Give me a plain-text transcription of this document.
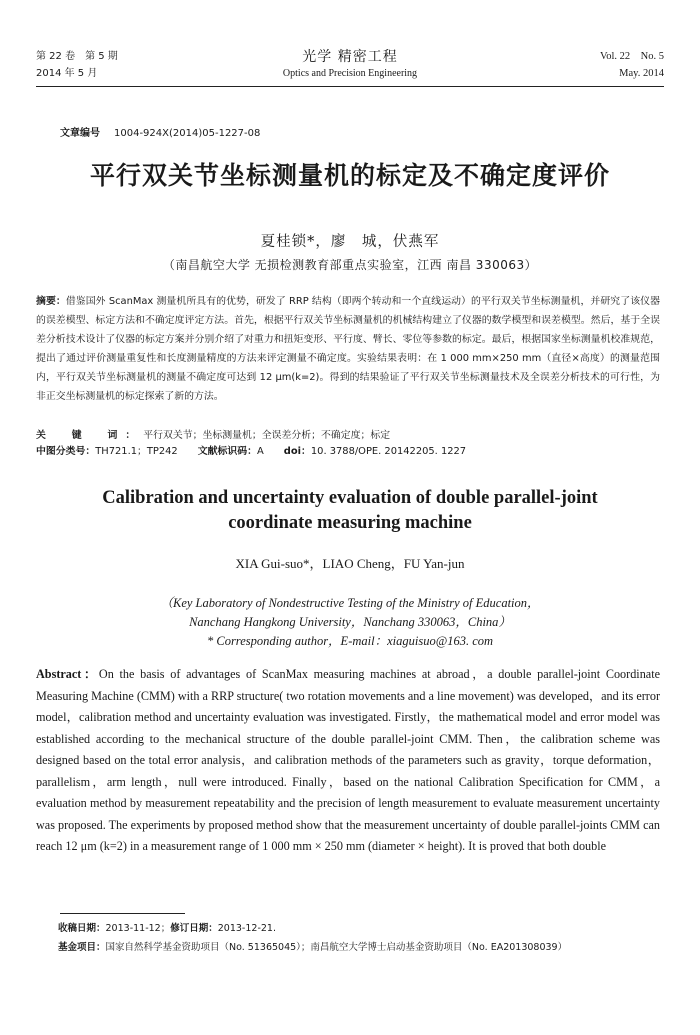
第 22 卷　第 5 期
2014 年 5 月
光学 精密工程
Optics and Precision Engineering
Vol. 22　No. 5
May. 2014
文章编号 1004-924X(2014)05-1227-08
平行双关节坐标测量机的标定及不确定度评价
夏桂锁*，廖　城，伏燕军
（南昌航空大学 无损检测教育部重点实验室，江西 南昌 330063）
摘要：借鉴国外 ScanMax 测量机所具有的优势，研发了 RRP 结构（即两个转动和一个直线运动）的平行双关节坐标测量机，并研究了该仪器的误差模型、标定方法和不确定度评定方法。首先，根据平行双关节坐标测量机的机械结构建立了仪器的数学模型和误差模型。然后，基于全误差分析技术设计了仪器的标定方案并分别介绍了对重力和扭矩变形、平行度、臂长、零位等参数的标定。最后，根据国家坐标测量机校准规范，提出了通过评价测量重复性和长度测量精度的方法来评定测量不确定度。实验结果表明：在 1 000 mm×250 mm（直径×高度）的测量范围内，平行双关节坐标测量机的测量不确定度可达到 12 μm(k=2)。得到的结果验证了平行双关节坐标测量技术及全误差分析技术的可行性，为非正交坐标测量机的标定探索了新的方法。
关　键　词：平行双关节；坐标测量机；全误差分析；不确定度；标定
中图分类号：TH721.1；TP242 文献标识码：A doi：10. 3788/OPE. 20142205. 1227
Calibration and uncertainty evaluation of double parallel-joint
coordinate measuring machine
XIA Gui-suo*，LIAO Cheng，FU Yan-jun
（Key Laboratory of Nondestructive Testing of the Ministry of Education，
Nanchang Hangkong University，Nanchang 330063，China）
* Corresponding author，E-mail：xiaguisuo@163. com
Abstract：On the basis of advantages of ScanMax measuring machines at abroad，a double parallel-joint Coordinate Measuring Machine (CMM) with a RRP structure( two rotation movements and a line movement) was developed，and its error model，calibration method and uncertainty evaluation was investigated. Firstly，the mathematical model and error model was established according to the mechanical structure of the double parallel-joint CMM. Then，the calibration scheme was designed based on the total error analysis，and calibration methods of the parameters such as gravity，torque deformation，parallelism，arm length，null were introduced. Finally，based on the national Calibration Specification for CMM，a evaluation method by measurement repeatability and the precision of length measurement to evaluate measurement uncertainty was proposed. The experiments by proposed method show that the measurement uncertainty of double parallel-joints CMM can reach 12 μm (k=2) in a measurement range of 1 000 mm × 250 mm (diameter × height). It is proved that both double
收稿日期：2013-11-12；修订日期：2013-12-21.
基金项目：国家自然科学基金资助项目（No. 51365045）；南昌航空大学博士启动基金资助项目（No. EA201308039）
